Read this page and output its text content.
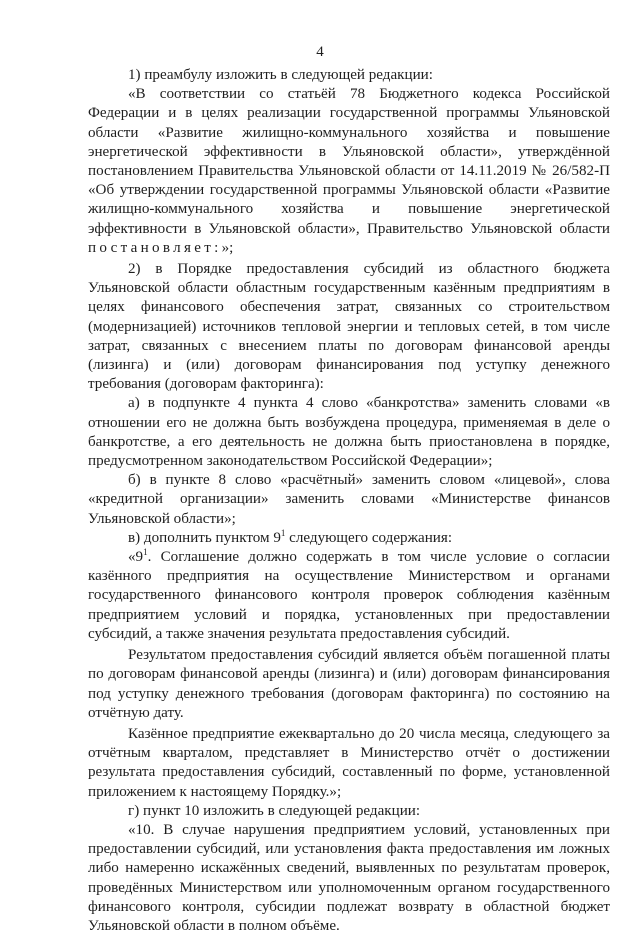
4

1) преамбулу изложить в следующей редакции:

«В соответствии со статьёй 78 Бюджетного кодекса Российской Федерации и в целях реализации государственной программы Ульяновской области «Развитие жилищно-коммунального хозяйства и повышение энергетической эффективности в Ульяновской области», утверждённой постановлением Правительства Ульяновской области от 14.11.2019 № 26/582-П «Об утверждении государственной программы Ульяновской области «Развитие жилищно-коммунального хозяйства и повышение энергетической эффективности в Ульяновской области», Правительство Ульяновской области постановляет:»;

2) в Порядке предоставления субсидий из областного бюджета Ульяновской области областным государственным казённым предприятиям в целях финансового обеспечения затрат, связанных со строительством (модернизацией) источников тепловой энергии и тепловых сетей, в том числе затрат, связанных с внесением платы по договорам финансовой аренды (лизинга) и (или) договорам финансирования под уступку денежного требования (договорам факторинга):

а) в подпункте 4 пункта 4 слово «банкротства» заменить словами «в отношении его не должна быть возбуждена процедура, применяемая в деле о банкротстве, а его деятельность не должна быть приостановлена в порядке, предусмотренном законодательством Российской Федерации»;

б) в пункте 8 слово «расчётный» заменить словом «лицевой», слова «кредитной организации» заменить словами «Министерстве финансов Ульяновской области»;

в) дополнить пунктом $9^1$ следующего содержания:

«$9^1$. Соглашение должно содержать в том числе условие о согласии казённого предприятия на осуществление Министерством и органами государственного финансового контроля проверок соблюдения казённым предприятием условий и порядка, установленных при предоставлении субсидий, а также значения результата предоставления субсидий.

Результатом предоставления субсидий является объём погашенной платы по договорам финансовой аренды (лизинга) и (или) договорам финансирования под уступку денежного требования (договорам факторинга) по состоянию на отчётную дату.

Казённое предприятие ежеквартально до 20 числа месяца, следующего за отчётным кварталом, представляет в Министерство отчёт о достижении результата предоставления субсидий, составленный по форме, установленной приложением к настоящему Порядку.»;

г) пункт 10 изложить в следующей редакции:

«10. В случае нарушения предприятием условий, установленных при предоставлении субсидий, или установления факта предоставления им ложных либо намеренно искажённых сведений, выявленных по результатам проверок, проведённых Министерством или уполномоченным органом государственного финансового контроля, субсидии подлежат возврату в областной бюджет Ульяновской области в полном объёме.
